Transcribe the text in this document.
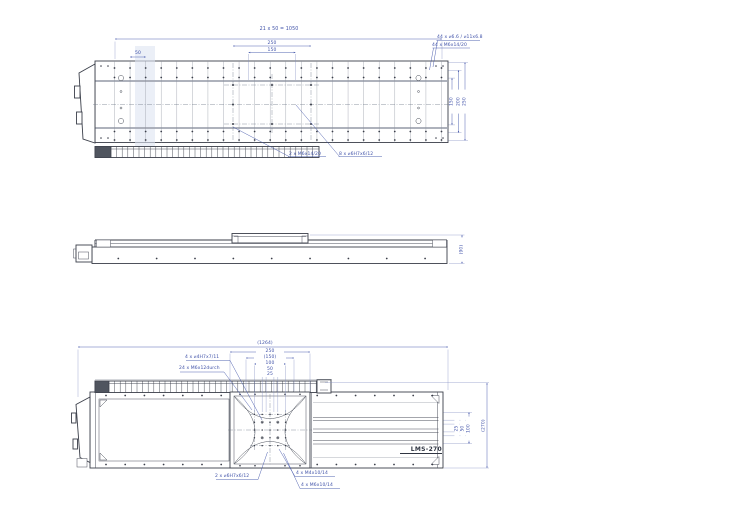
21 x 50 = 1050
50
250
150
44 x ⌀6.6 / ⌀11x6.8
44 x M6x14/20
150 200 250
2 x M6x14/20	8 x ⌀6H7x6/12
(90)
(1264)
250
(150)
100
50
25
4 x ⌀4H7x7/11
24 x M6x12durch
2 x ⌀6H7x6/12
4 x M4x10/14
4 x M6x10/14
25 50 100 (270)
LMS-270
